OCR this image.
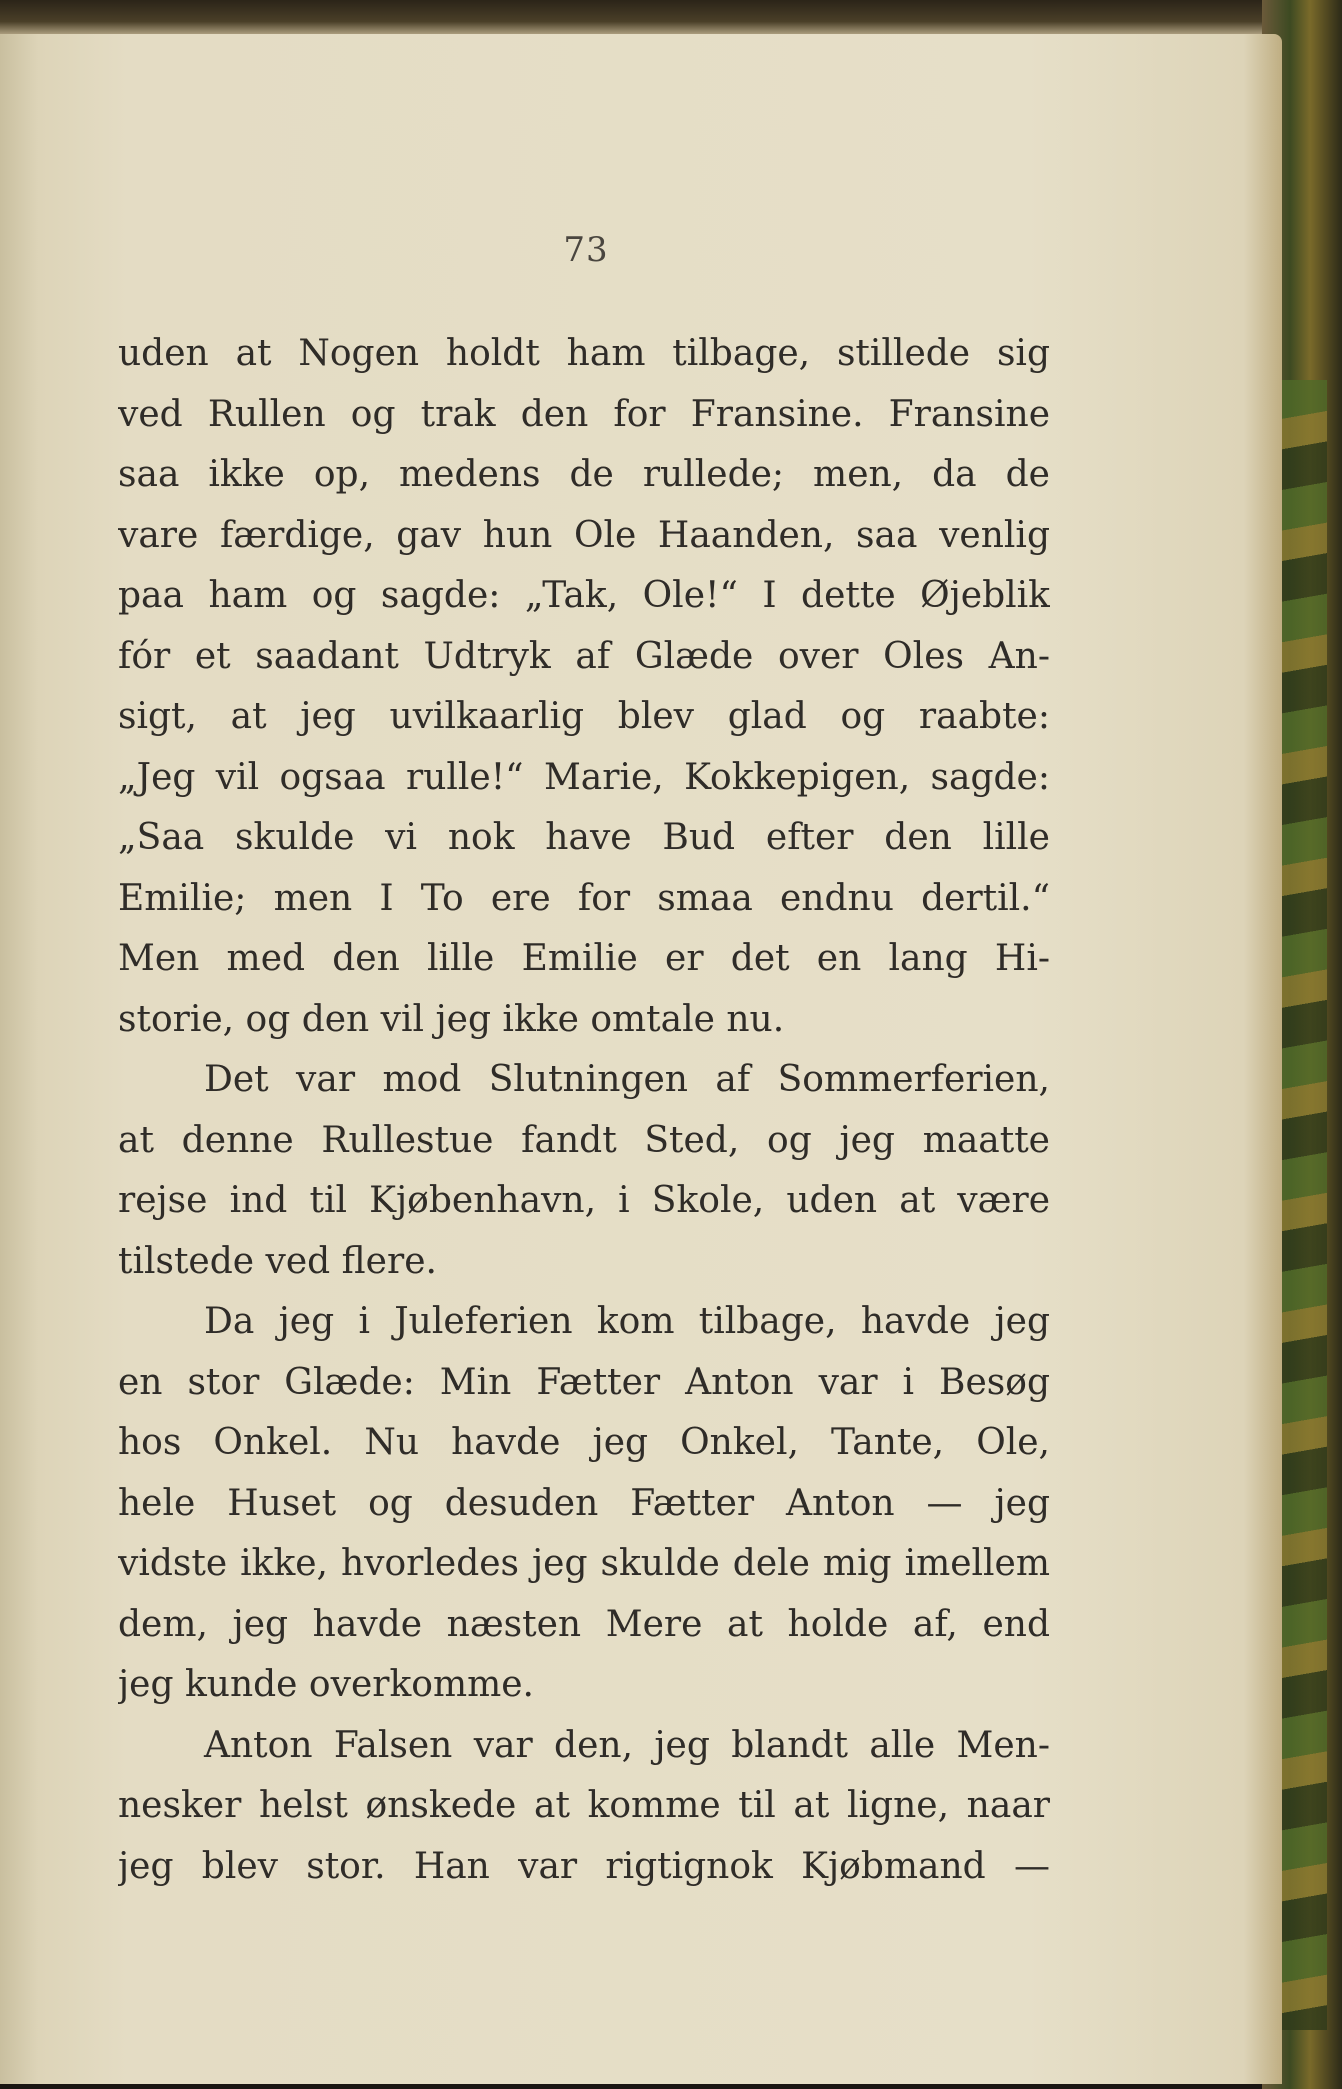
73
uden at Nogen holdt ham tilbage, stillede sig
ved Rullen og trak den for Fransine. Fransine
saa ikke op, medens de rullede; men, da de
vare færdige, gav hun Ole Haanden, saa venlig
paa ham og sagde: „Tak, Ole!“ I dette Øjeblik
fór et saadant Udtryk af Glæde over Oles An-
sigt, at jeg uvilkaarlig blev glad og raabte:
„Jeg vil ogsaa rulle!“ Marie, Kokkepigen, sagde:
„Saa skulde vi nok have Bud efter den lille
Emilie; men I To ere for smaa endnu dertil.“
Men med den lille Emilie er det en lang Hi-
storie, og den vil jeg ikke omtale nu.
Det var mod Slutningen af Sommerferien,
at denne Rullestue fandt Sted, og jeg maatte
rejse ind til Kjøbenhavn, i Skole, uden at være
tilstede ved flere.
Da jeg i Juleferien kom tilbage, havde jeg
en stor Glæde: Min Fætter Anton var i Besøg
hos Onkel. Nu havde jeg Onkel, Tante, Ole,
hele Huset og desuden Fætter Anton — jeg
vidste ikke, hvorledes jeg skulde dele mig imellem
dem, jeg havde næsten Mere at holde af, end
jeg kunde overkomme.
Anton Falsen var den, jeg blandt alle Men-
nesker helst ønskede at komme til at ligne, naar
jeg blev stor. Han var rigtignok Kjøbmand —
